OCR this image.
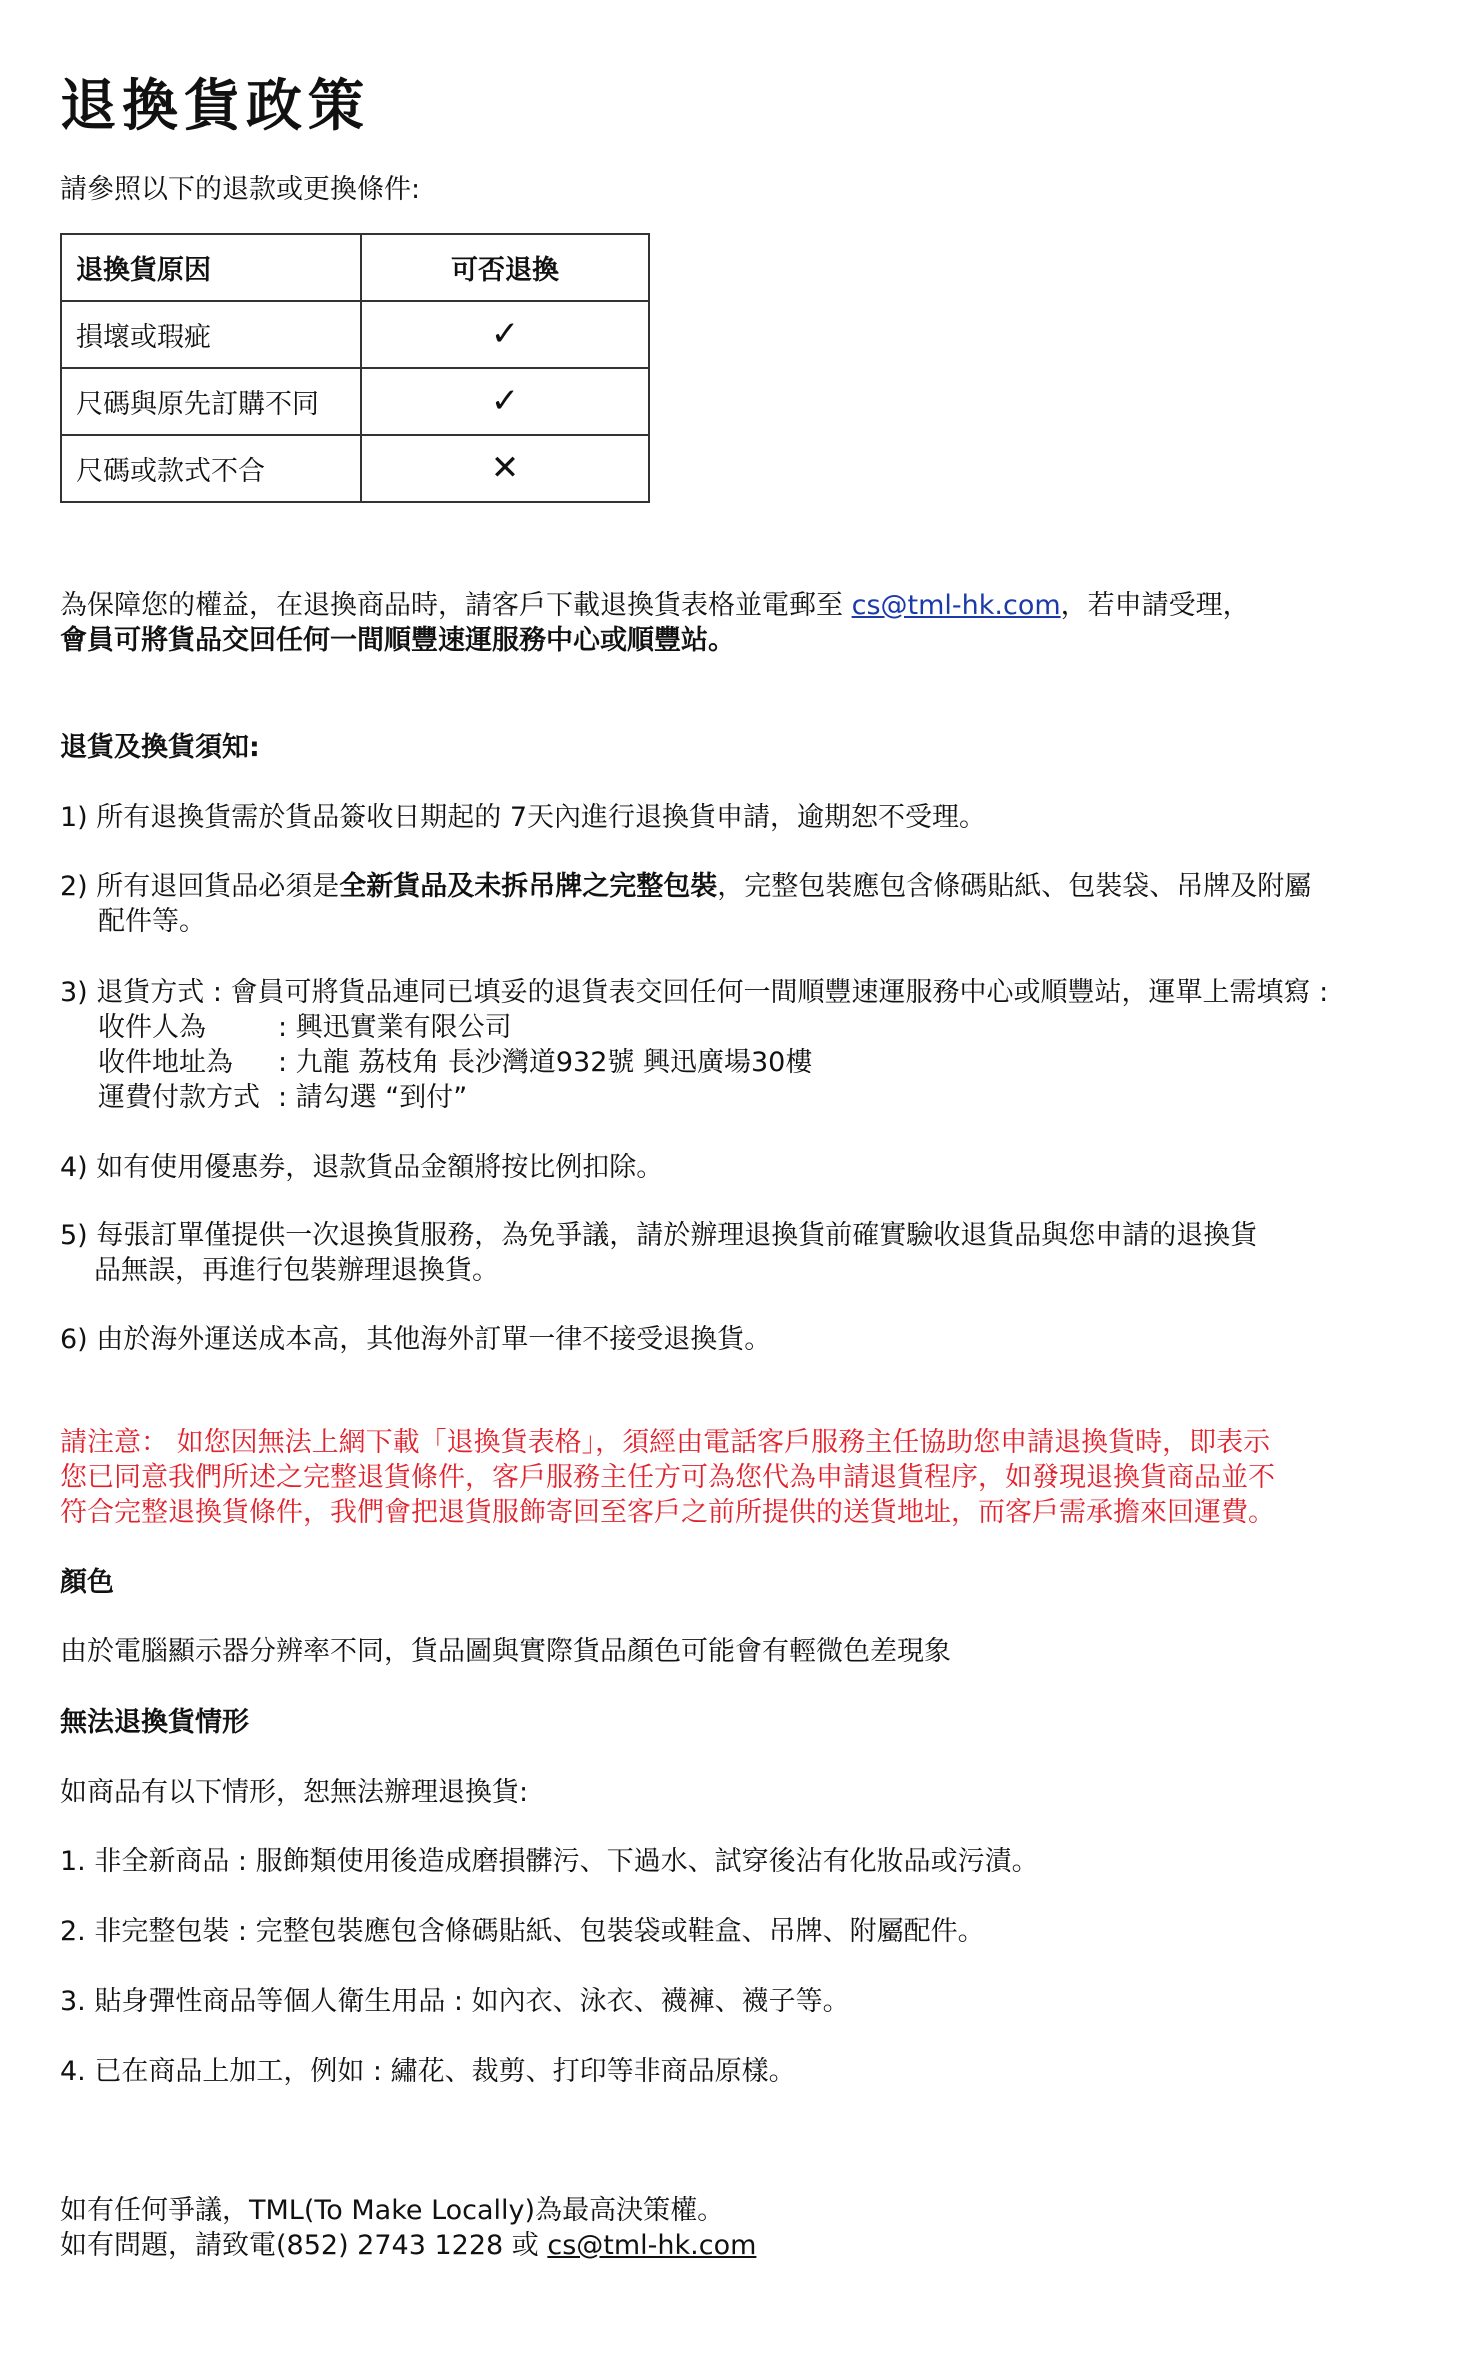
退換貨政策

請參照以下的退款或更換條件:

退換貨原因	可否退換
損壞或瑕疵	✓
尺碼與原先訂購不同	✓
尺碼或款式不合	✕

為保障您的權益，在退換商品時，請客戶下載退換貨表格並電郵至 cs@tml-hk.com，若申請受理，
會員可將貨品交回任何一間順豐速運服務中心或順豐站。

退貨及換貨須知:

1) 所有退換貨需於貨品簽收日期起的 7天內進行退換貨申請，逾期恕不受理。

2) 所有退回貨品必須是全新貨品及未拆吊牌之完整包裝，完整包裝應包含條碼貼紙、包裝袋、吊牌及附屬
配件等。

3) 退貨方式 : 會員可將貨品連同已填妥的退貨表交回任何一間順豐速運服務中心或順豐站，運單上需填寫 :
收件人為	: 興迅實業有限公司
收件地址為 : 九龍 荔枝角 長沙灣道932號 興迅廣場30樓
運費付款方式 : 請勾選 “到付”

4) 如有使用優惠券，退款貨品金額將按比例扣除。

5) 每張訂單僅提供一次退換貨服務，為免爭議，請於辦理退換貨前確實驗收退貨品與您申請的退換貨
品無誤，再進行包裝辦理退換貨。

6) 由於海外運送成本高，其他海外訂單一律不接受退換貨。

請注意： 如您因無法上網下載「退換貨表格」，須經由電話客戶服務主任協助您申請退換貨時，即表示
您已同意我們所述之完整退貨條件，客戶服務主任方可為您代為申請退貨程序，如發現退換貨商品並不
符合完整退換貨條件，我們會把退貨服飾寄回至客戶之前所提供的送貨地址，而客戶需承擔來回運費。

顏色

由於電腦顯示器分辨率不同，貨品圖與實際貨品顏色可能會有輕微色差現象

無法退換貨情形

如商品有以下情形，恕無法辦理退換貨:

1. 非全新商品 : 服飾類使用後造成磨損髒污、下過水、試穿後沾有化妝品或污漬。

2. 非完整包裝 : 完整包裝應包含條碼貼紙、包裝袋或鞋盒、吊牌、附屬配件。

3. 貼身彈性商品等個人衛生用品 : 如內衣、泳衣、襪褲、襪子等。

4. 已在商品上加工，例如 : 繡花、裁剪、打印等非商品原樣。

如有任何爭議，TML(To Make Locally)為最高決策權。
如有問題，請致電(852) 2743 1228 或 cs@tml-hk.com
